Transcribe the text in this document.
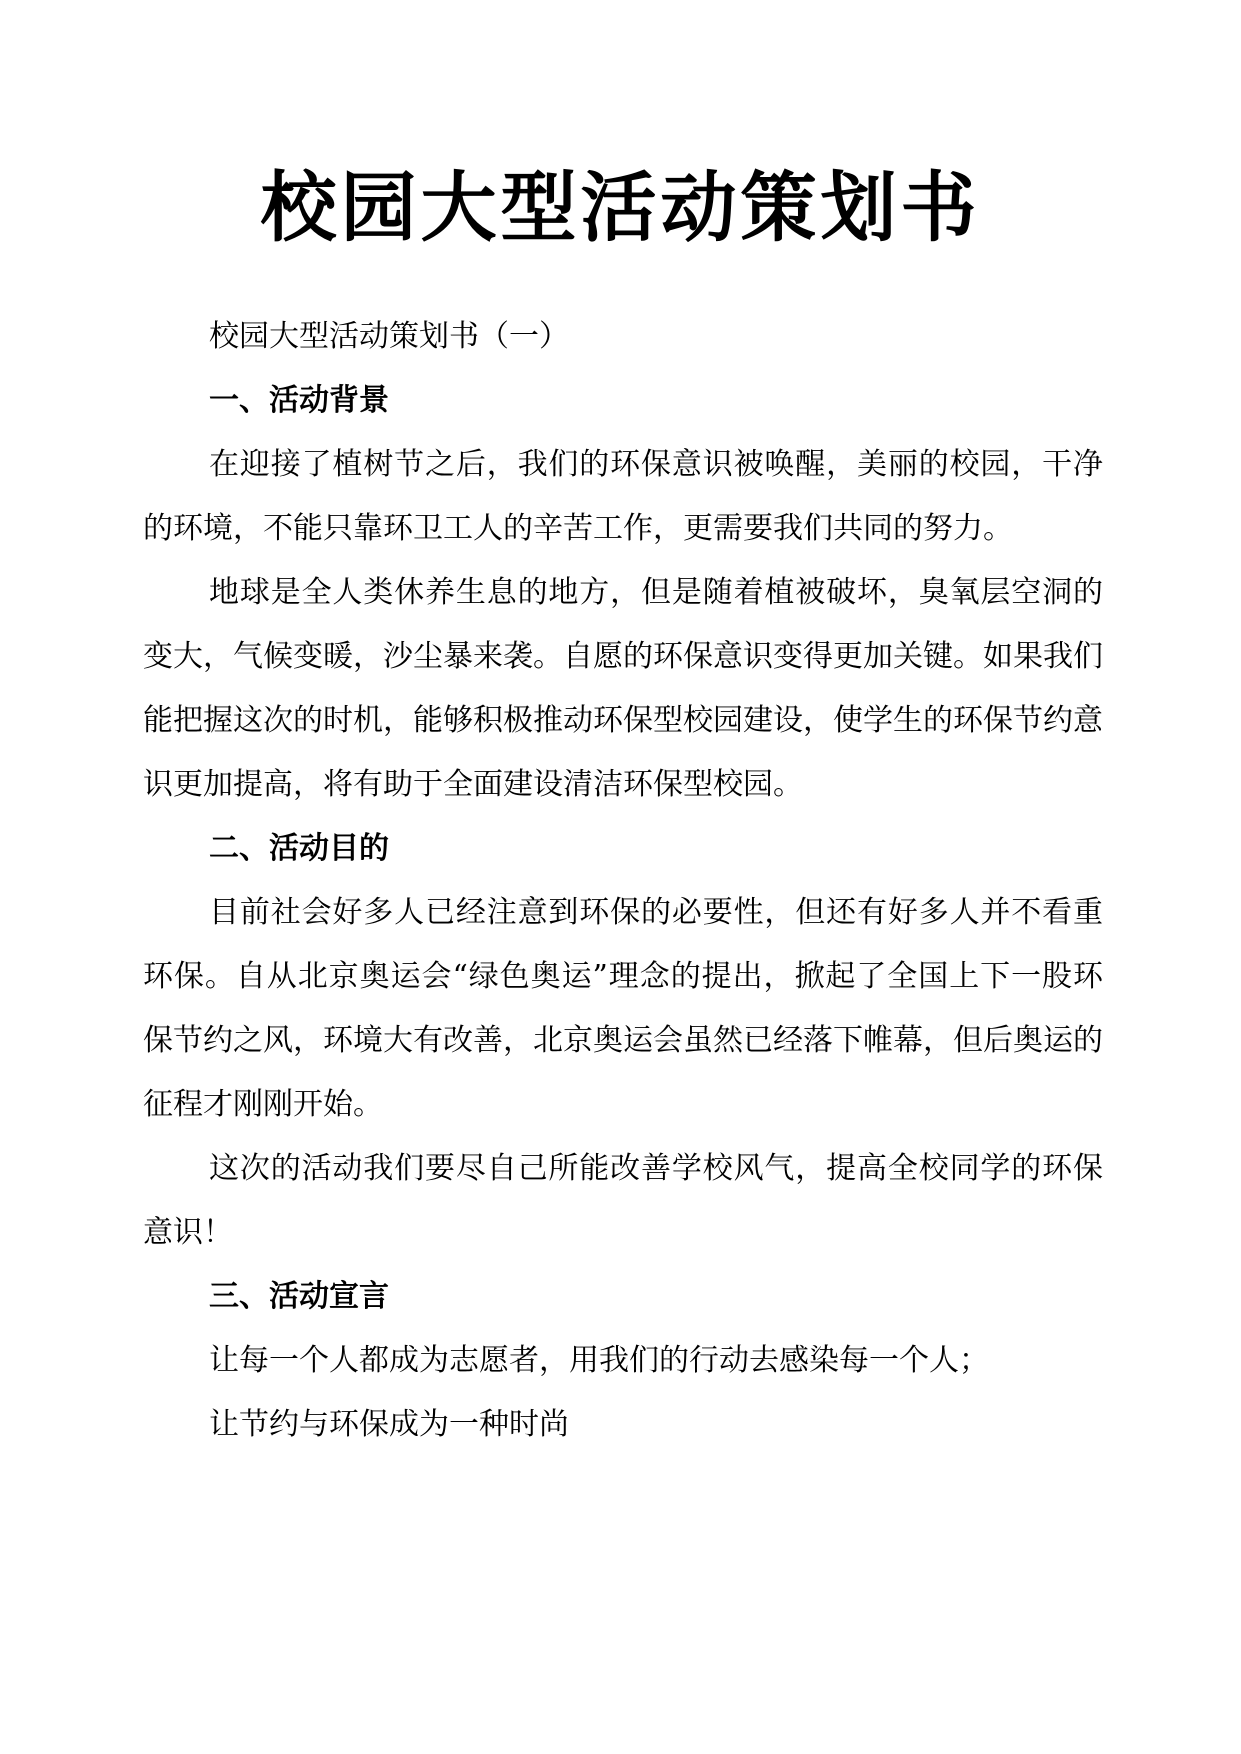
校园大型活动策划书

校园大型活动策划书（一）

一、活动背景

在迎接了植树节之后，我们的环保意识被唤醒，美丽的校园，干净的环境，不能只靠环卫工人的辛苦工作，更需要我们共同的努力。

地球是全人类休养生息的地方，但是随着植被破坏，臭氧层空洞的变大，气候变暖，沙尘暴来袭。自愿的环保意识变得更加关键。如果我们能把握这次的时机，能够积极推动环保型校园建设，使学生的环保节约意识更加提高，将有助于全面建设清洁环保型校园。

二、活动目的

目前社会好多人已经注意到环保的必要性，但还有好多人并不看重环保。自从北京奥运会“绿色奥运”理念的提出，掀起了全国上下一股环保节约之风，环境大有改善，北京奥运会虽然已经落下帷幕，但后奥运的征程才刚刚开始。

这次的活动我们要尽自己所能改善学校风气，提高全校同学的环保意识！

三、活动宣言

让每一个人都成为志愿者，用我们的行动去感染每一个人；

让节约与环保成为一种时尚
